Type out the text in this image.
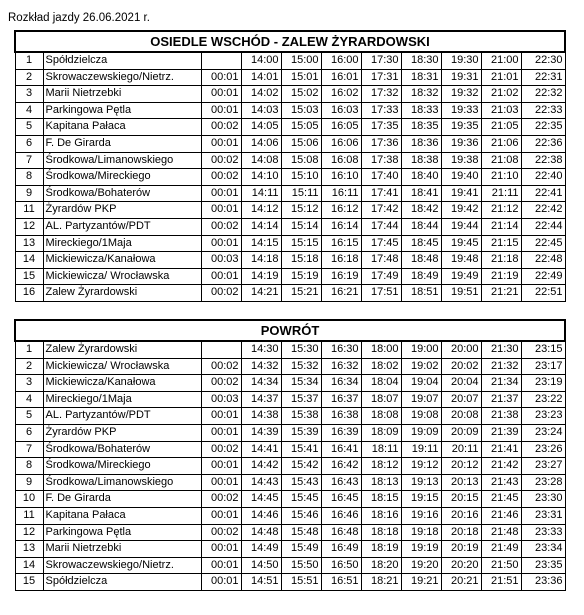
Rozkład jazdy 26.06.2021 r.
OSIEDLE WSCHÓD - ZALEW ŻYRARDOWSKI										
1	Spółdzielcza		14:00	15:00	16:00	17:30	18:30	19:30	21:00	22:30
2	Skrowaczewskiego/Nietrz.	00:01	14:01	15:01	16:01	17:31	18:31	19:31	21:01	22:31
3	Marii Nietrzebki	00:01	14:02	15:02	16:02	17:32	18:32	19:32	21:02	22:32
4	Parkingowa Pętla	00:01	14:03	15:03	16:03	17:33	18:33	19:33	21:03	22:33
5	Kapitana Pałaca	00:02	14:05	15:05	16:05	17:35	18:35	19:35	21:05	22:35
6	F. De Girarda	00:01	14:06	15:06	16:06	17:36	18:36	19:36	21:06	22:36
7	Środkowa/Limanowskiego	00:02	14:08	15:08	16:08	17:38	18:38	19:38	21:08	22:38
8	Środkowa/Mireckiego	00:02	14:10	15:10	16:10	17:40	18:40	19:40	21:10	22:40
9	Środkowa/Bohaterów	00:01	14:11	15:11	16:11	17:41	18:41	19:41	21:11	22:41
11	Żyrardów PKP	00:01	14:12	15:12	16:12	17:42	18:42	19:42	21:12	22:42
12	AL. Partyzantów/PDT	00:02	14:14	15:14	16:14	17:44	18:44	19:44	21:14	22:44
13	Mireckiego/1Maja	00:01	14:15	15:15	16:15	17:45	18:45	19:45	21:15	22:45
14	Mickiewicza/Kanałowa	00:03	14:18	15:18	16:18	17:48	18:48	19:48	21:18	22:48
15	Mickiewicza/ Wrocławska	00:01	14:19	15:19	16:19	17:49	18:49	19:49	21:19	22:49
16	Zalew Żyrardowski	00:02	14:21	15:21	16:21	17:51	18:51	19:51	21:21	22:51
POWRÓT										
1	Zalew Żyrardowski		14:30	15:30	16:30	18:00	19:00	20:00	21:30	23:15
2	Mickiewicza/ Wrocławska	00:02	14:32	15:32	16:32	18:02	19:02	20:02	21:32	23:17
3	Mickiewicza/Kanałowa	00:02	14:34	15:34	16:34	18:04	19:04	20:04	21:34	23:19
4	Mireckiego/1Maja	00:03	14:37	15:37	16:37	18:07	19:07	20:07	21:37	23:22
5	AL. Partyzantów/PDT	00:01	14:38	15:38	16:38	18:08	19:08	20:08	21:38	23:23
6	Żyrardów PKP	00:01	14:39	15:39	16:39	18:09	19:09	20:09	21:39	23:24
7	Środkowa/Bohaterów	00:02	14:41	15:41	16:41	18:11	19:11	20:11	21:41	23:26
8	Środkowa/Mireckiego	00:01	14:42	15:42	16:42	18:12	19:12	20:12	21:42	23:27
9	Środkowa/Limanowskiego	00:01	14:43	15:43	16:43	18:13	19:13	20:13	21:43	23:28
10	F. De Girarda	00:02	14:45	15:45	16:45	18:15	19:15	20:15	21:45	23:30
11	Kapitana Pałaca	00:01	14:46	15:46	16:46	18:16	19:16	20:16	21:46	23:31
12	Parkingowa Pętla	00:02	14:48	15:48	16:48	18:18	19:18	20:18	21:48	23:33
13	Marii Nietrzebki	00:01	14:49	15:49	16:49	18:19	19:19	20:19	21:49	23:34
14	Skrowaczewskiego/Nietrz.	00:01	14:50	15:50	16:50	18:20	19:20	20:20	21:50	23:35
15	Spółdzielcza	00:01	14:51	15:51	16:51	18:21	19:21	20:21	21:51	23:36
